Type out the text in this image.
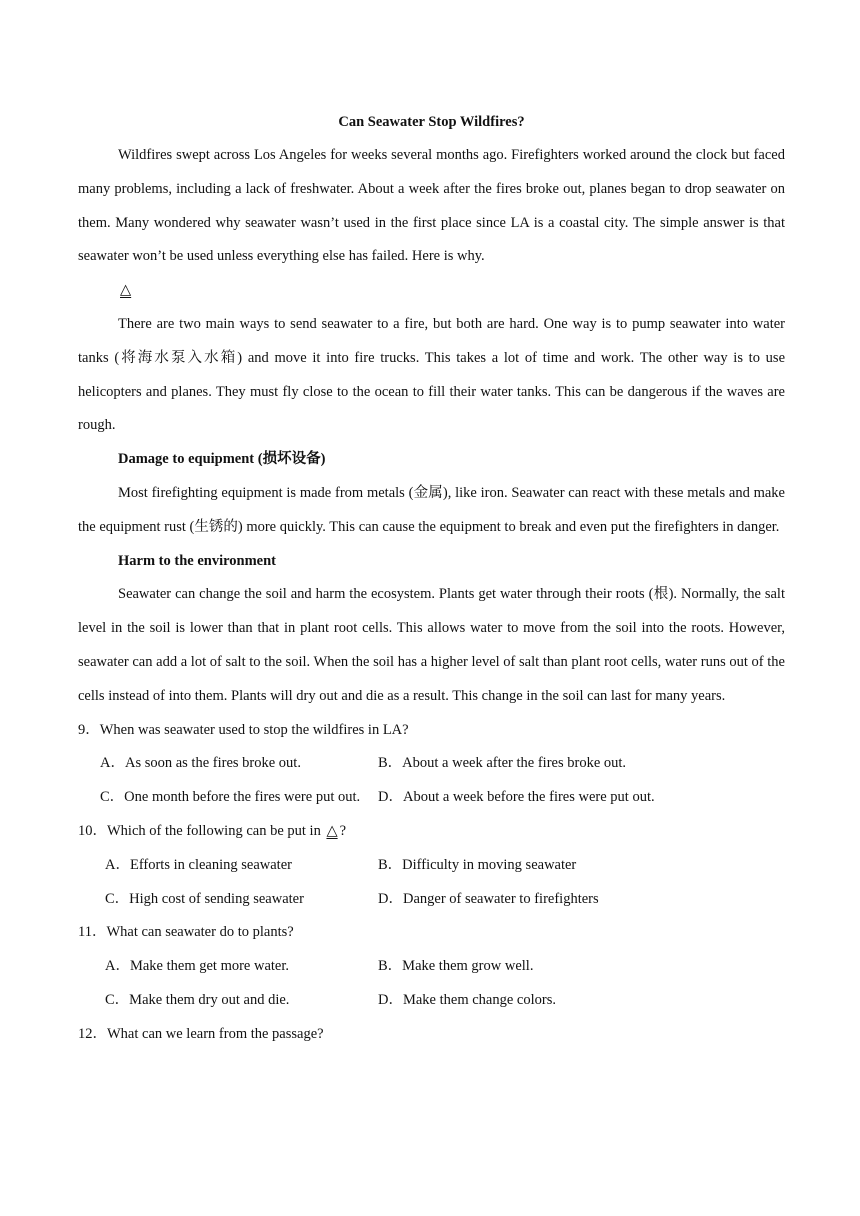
Can Seawater Stop Wildfires?

Wildfires swept across Los Angeles for weeks several months ago. Firefighters worked around the clock but faced many problems, including a lack of freshwater. About a week after the fires broke out, planes began to drop seawater on them. Many wondered why seawater wasn’t used in the first place since LA is a coastal city. The simple answer is that seawater won’t be used unless everything else has failed. Here is why.

△

There are two main ways to send seawater to a fire, but both are hard. One way is to pump seawater into water tanks (将海水泵入水箱) and move it into fire trucks. This takes a lot of time and work. The other way is to use helicopters and planes. They must fly close to the ocean to fill their water tanks. This can be dangerous if the waves are rough.

Damage to equipment (损坏设备)

Most firefighting equipment is made from metals (金属), like iron. Seawater can react with these metals and make the equipment rust (生锈的) more quickly. This can cause the equipment to break and even put the firefighters in danger.

Harm to the environment

Seawater can change the soil and harm the ecosystem. Plants get water through their roots (根). Normally, the salt level in the soil is lower than that in plant root cells. This allows water to move from the soil into the roots. However, seawater can add a lot of salt to the soil. When the soil has a higher level of salt than plant root cells, water runs out of the cells instead of into them. Plants will dry out and die as a result. This change in the soil can last for many years.

9．When was seawater used to stop the wildfires in LA?
A．As soon as the fires broke out.	B．About a week after the fires broke out.
C．One month before the fires were put out. D．About a week before the fires were put out.
10．Which of the following can be put in △ ?
A．Efforts in cleaning seawater	B．Difficulty in moving seawater
C．High cost of sending seawater	D．Danger of seawater to firefighters
11．What can seawater do to plants?
A．Make them get more water.	B．Make them grow well.
C．Make them dry out and die.	D．Make them change colors.
12．What can we learn from the passage?
